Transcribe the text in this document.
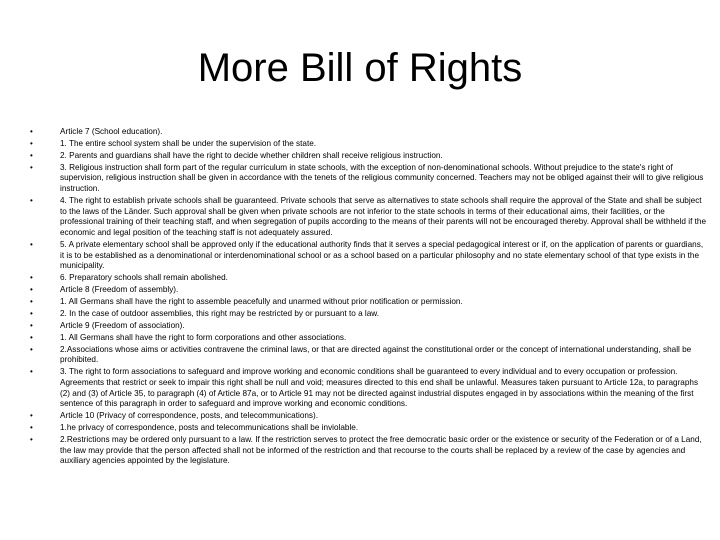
More Bill of Rights
•	Article 7 (School education).
•	1. The entire school system shall be under the supervision of the state.
•	2. Parents and guardians shall have the right to decide whether children shall receive religious instruction.
•	3. Religious instruction shall form part of the regular curriculum in state schools, with the exception of non-denominational schools. Without prejudice to the state's right of supervision, religious instruction shall be given in accordance with the tenets of the religious community concerned. Teachers may not be obliged against their will to give religious instruction.
•	4. The right to establish private schools shall be guaranteed. Private schools that serve as alternatives to state schools shall require the approval of the State and shall be subject to the laws of the Länder. Such approval shall be given when private schools are not inferior to the state schools in terms of their educational aims, their facilities, or the professional training of their teaching staff, and when segregation of pupils according to the means of their parents will not be encouraged thereby. Approval shall be withheld if the economic and legal position of the teaching staff is not adequately assured.
•	5. A private elementary school shall be approved only if the educational authority finds that it serves a special pedagogical interest or if, on the application of parents or guardians, it is to be established as a denominational or interdenominational school or as a school based on a particular philosophy and no state elementary school of that type exists in the municipality.
•	6. Preparatory schools shall remain abolished.
•	Article 8 (Freedom of assembly).
•	1. All Germans shall have the right to assemble peacefully and unarmed without prior notification or permission.
•	2. In the case of outdoor assemblies, this right may be restricted by or pursuant to a law.
•	Article 9 (Freedom of association).
•	1. All Germans shall have the right to form corporations and other associations.
•	2.Associations whose aims or activities contravene the criminal laws, or that are directed against the constitutional order or the concept of international understanding, shall be prohibited.
•	3. The right to form associations to safeguard and improve working and economic conditions shall be guaranteed to every individual and to every occupation or profession. Agreements that restrict or seek to impair this right shall be null and void; measures directed to this end shall be unlawful. Measures taken pursuant to Article 12a, to paragraphs (2) and (3) of Article 35, to paragraph (4) of Article 87a, or to Article 91 may not be directed against industrial disputes engaged in by associations within the meaning of the first sentence of this paragraph in order to safeguard and improve working and economic conditions.
•	Article 10 (Privacy of correspondence, posts, and telecommunications).
•	1.he privacy of correspondence, posts and telecommunications shall be inviolable.
•	2.Restrictions may be ordered only pursuant to a law. If the restriction serves to protect the free democratic basic order or the existence or security of the Federation or of a Land, the law may provide that the person affected shall not be informed of the restriction and that recourse to the courts shall be replaced by a review of the case by agencies and auxiliary agencies appointed by the legislature.
